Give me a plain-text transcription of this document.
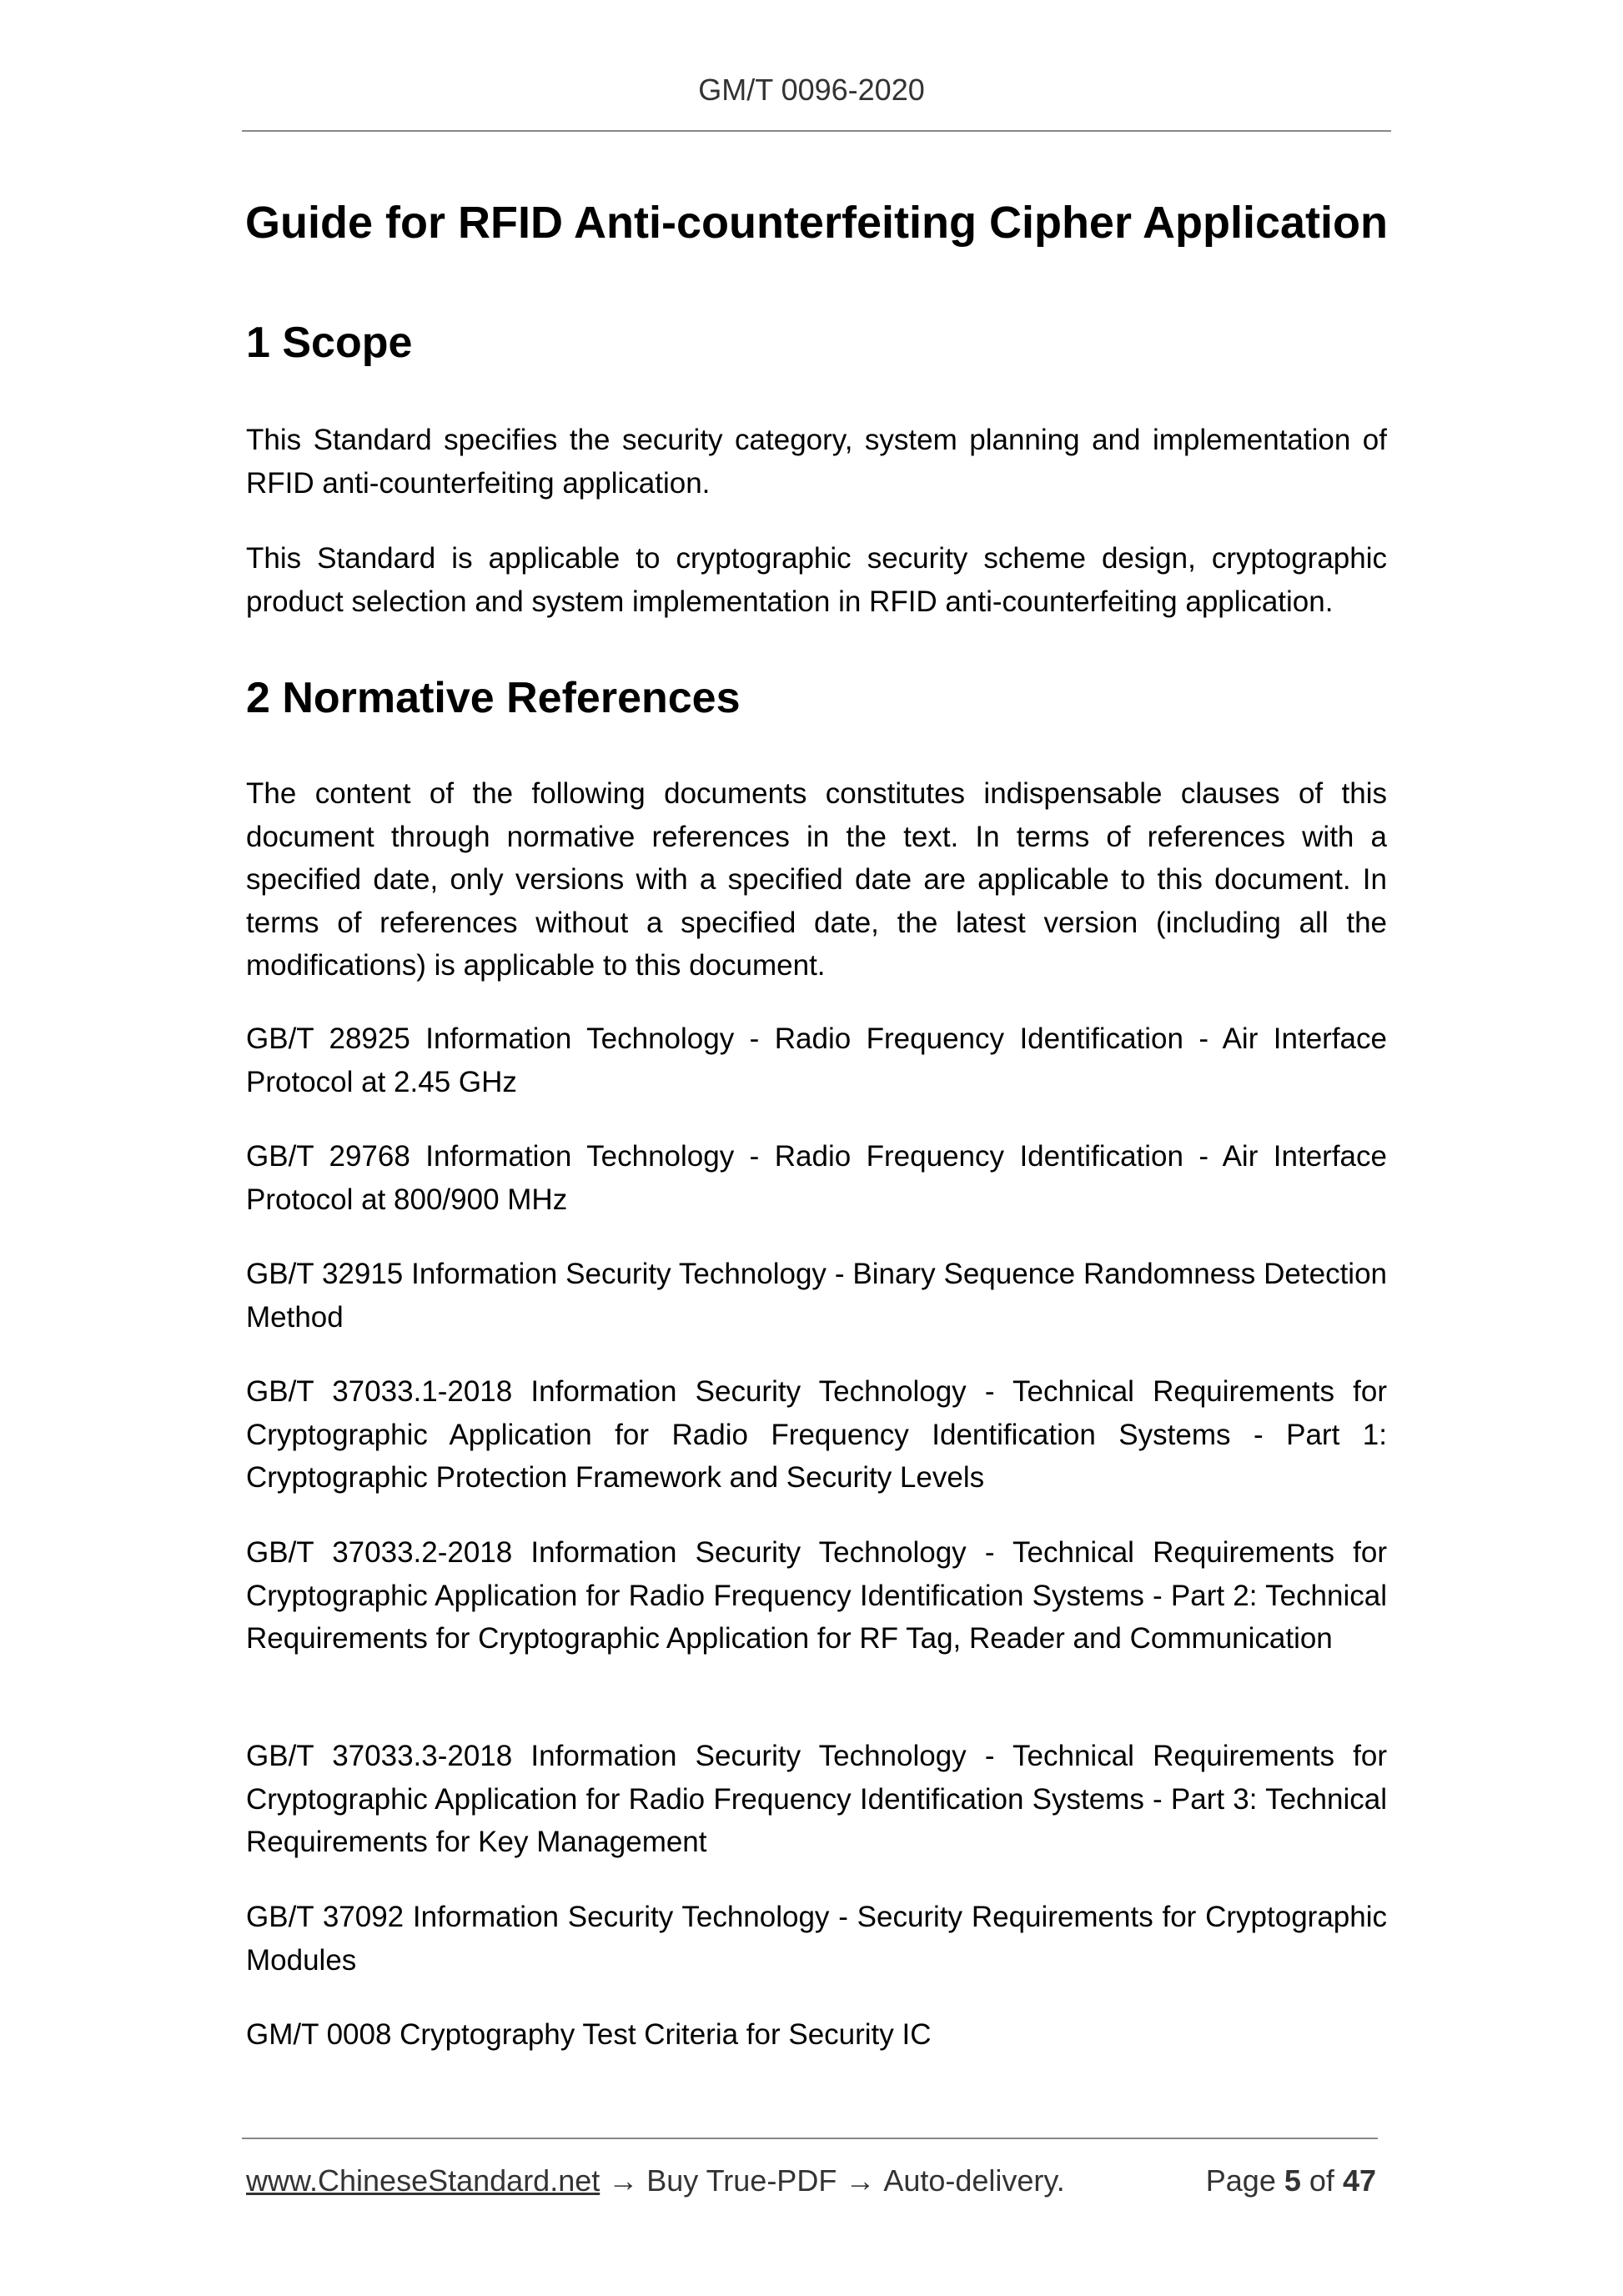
GM/T 0096-2020
Guide for RFID Anti-counterfeiting Cipher Application
1 Scope

This Standard specifies the security category, system planning and implementation of RFID anti-counterfeiting application.

This Standard is applicable to cryptographic security scheme design, cryptographic product selection and system implementation in RFID anti-counterfeiting application.

2 Normative References

The content of the following documents constitutes indispensable clauses of this document through normative references in the text. In terms of references with a specified date, only versions with a specified date are applicable to this document. In terms of references without a specified date, the latest version (including all the modifications) is applicable to this document.

GB/T 28925 Information Technology - Radio Frequency Identification - Air Interface Protocol at 2.45 GHz

GB/T 29768 Information Technology - Radio Frequency Identification - Air Interface Protocol at 800/900 MHz

GB/T 32915 Information Security Technology - Binary Sequence Randomness Detection Method

GB/T 37033.1-2018 Information Security Technology - Technical Requirements for Cryptographic Application for Radio Frequency Identification Systems - Part 1: Cryptographic Protection Framework and Security Levels

GB/T 37033.2-2018 Information Security Technology - Technical Requirements for Cryptographic Application for Radio Frequency Identification Systems - Part 2: Technical Requirements for Cryptographic Application for RF Tag, Reader and Communication

GB/T 37033.3-2018 Information Security Technology - Technical Requirements for Cryptographic Application for Radio Frequency Identification Systems - Part 3: Technical Requirements for Key Management

GB/T 37092 Information Security Technology - Security Requirements for Cryptographic Modules

GM/T 0008 Cryptography Test Criteria for Security IC

www.ChineseStandard.net → Buy True-PDF → Auto-delivery.	Page 5 of 47
